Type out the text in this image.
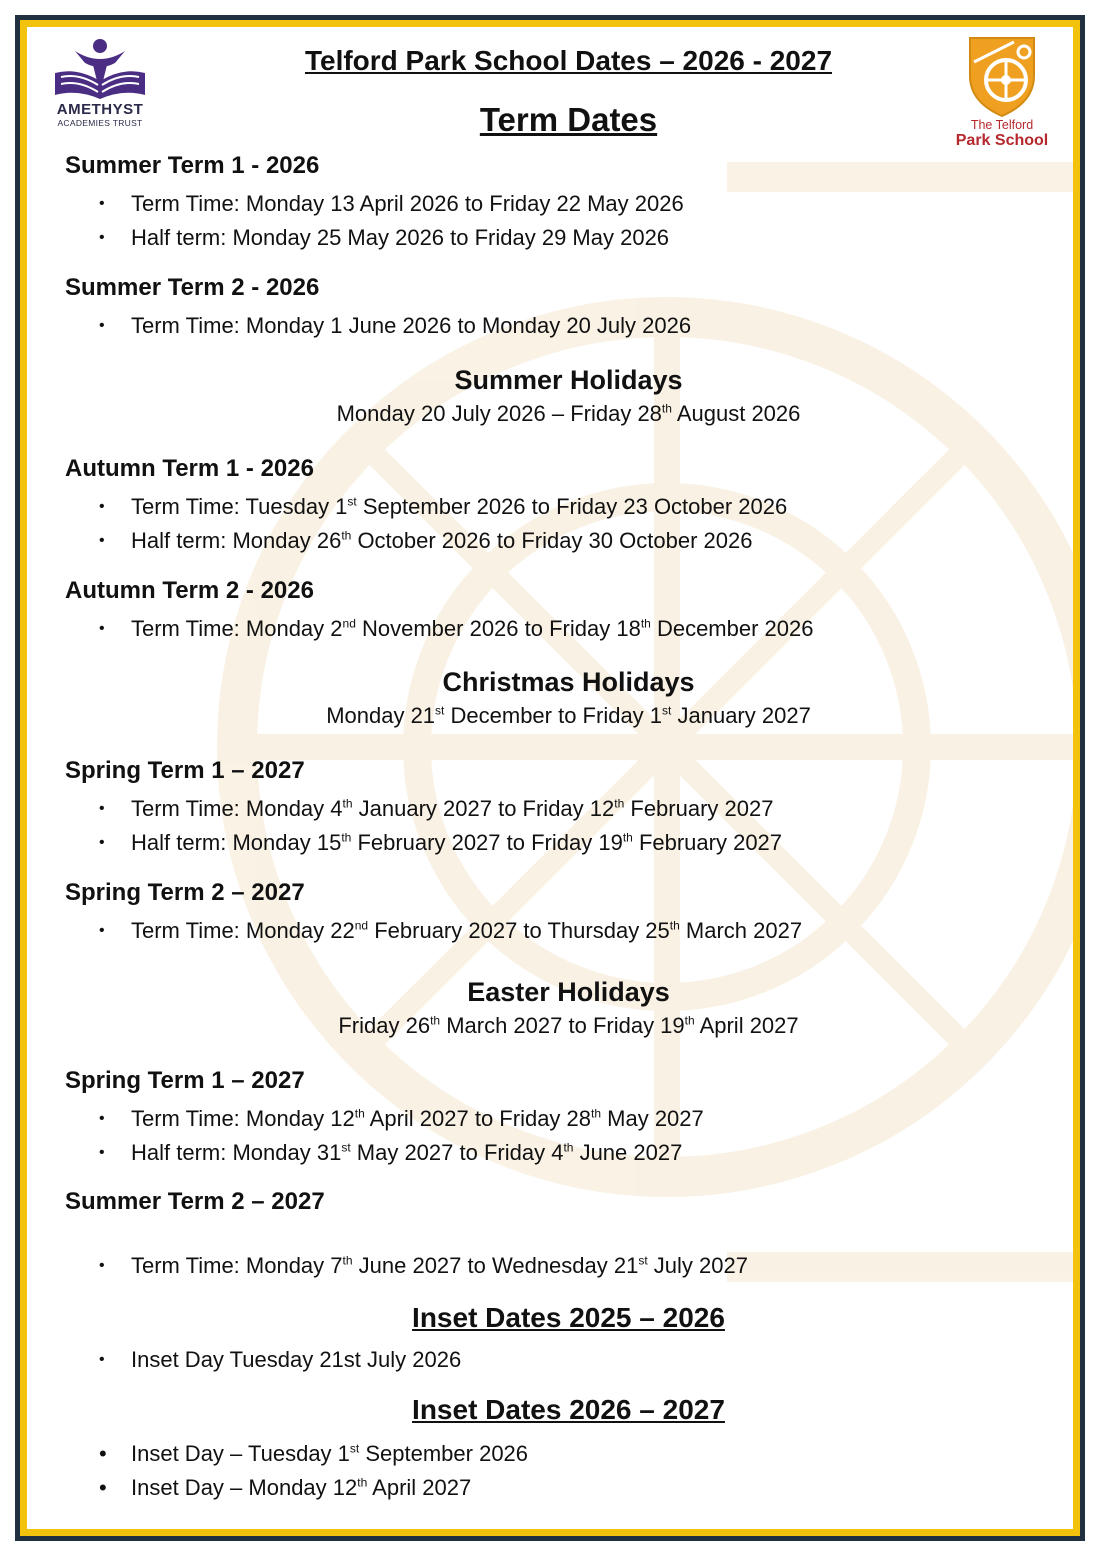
AMETHYST
ACADEMIES TRUST	The Telford
Park School
Telford Park School Dates – 2026 - 2027
Term Dates
Summer Term 1 - 2026
• Term Time: Monday 13 April 2026 to Friday 22 May 2026
• Half term: Monday 25 May 2026 to Friday 29 May 2026
Summer Term 2 - 2026
• Term Time: Monday 1 June 2026 to Monday 20 July 2026
Summer Holidays
Monday 20 July 2026 – Friday 28th August 2026
Autumn Term 1 - 2026
• Term Time: Tuesday 1st September 2026 to Friday 23 October 2026
• Half term: Monday 26th October 2026 to Friday 30 October 2026
Autumn Term 2 - 2026
• Term Time: Monday 2nd November 2026 to Friday 18th December 2026
Christmas Holidays
Monday 21st December to Friday 1st January 2027
Spring Term 1 – 2027
• Term Time: Monday 4th January 2027 to Friday 12th February 2027
• Half term: Monday 15th February 2027 to Friday 19th February 2027
Spring Term 2 – 2027
• Term Time: Monday 22nd February 2027 to Thursday 25th March 2027
Easter Holidays
Friday 26th March 2027 to Friday 19th April 2027
Spring Term 1 – 2027
• Term Time: Monday 12th April 2027 to Friday 28th May 2027
• Half term: Monday 31st May 2027 to Friday 4th June 2027
Summer Term 2 – 2027
• Term Time: Monday 7th June 2027 to Wednesday 21st July 2027
Inset Dates 2025 – 2026
• Inset Day Tuesday 21st July 2026
Inset Dates 2026 – 2027
• Inset Day – Tuesday 1st September 2026
• Inset Day – Monday 12th April 2027
